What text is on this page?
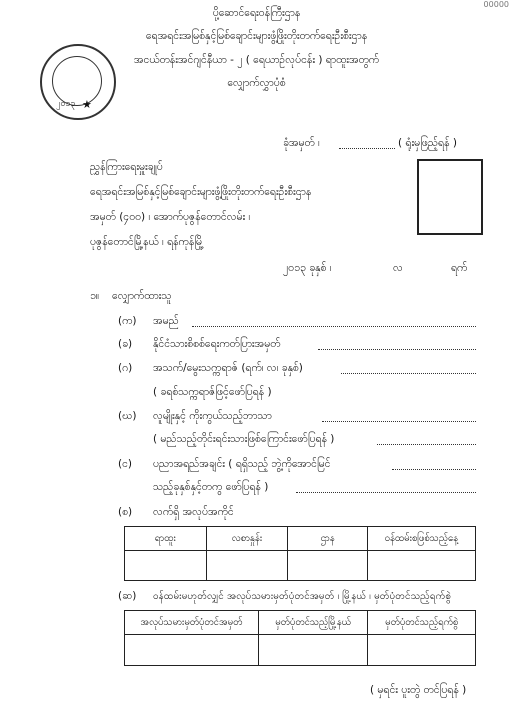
00000
၂၀၁၃ ★
ပို့ဆောင်ရေးဝန်ကြီးဌာန
ရေအရင်းအမြစ်နှင့်မြစ်ချောင်းများဖွံ့ဖြိုးတိုးတက်ရေးဦးစီးဌာန
အငယ်တန်းအင်ဂျင်နီယာ - ၂ ( ရေယာဉ်လုပ်ငန်း ) ရာထူးအတွက်
လျှောက်လွှာပုံစံ
ခုံအမှတ် ၊	( ရုံးမှဖြည့်ရန် )
ညွှန်ကြားရေးမှူးချုပ်
ရေအရင်းအမြစ်နှင့်မြစ်ချောင်းများဖွံ့ဖြိုးတိုးတက်ရေးဦးစီးဌာန
အမှတ် (၄၀၀) ၊ အောက်ပုဇွန်တောင်လမ်း ၊
ပုဇွန်တောင်မြို့နယ် ၊ ရန်ကုန်မြို့
၂၀၁၃ ခုနှစ် ၊	လ	ရက်
၁။ လျှောက်ထားသူ
(က) အမည်
(ခ) နိုင်ငံသားစိစစ်ရေးကတ်ပြားအမှတ်
(ဂ) အသက်/မွေးသက္ကရာဇ် (ရက်၊ လ၊ ခုနှစ်)
( ခရစ်သက္ကရာဇ်ဖြင့်ဖော်ပြရန် )
(ဃ) လူမျိုးနှင့် ကိုးကွယ်သည့်ဘာသာ
( မည်သည့်တိုင်းရင်းသားဖြစ်ကြောင်းဖော်ပြရန် )
(င) ပညာအရည်အချင်း ( ရရှိသည့် ဘွဲ့ကိုအောင်မြင်
သည့်ခုနှစ်နှင့်တကွ ဖော်ပြရန် )
(စ) လက်ရှိ အလုပ်အကိုင်
ရာထူး	လစာနှုန်း	ဌာန	ဝန်ထမ်းစဖြစ်သည့်နေ့

(ဆ) ဝန်ထမ်းမဟုတ်လျှင် အလုပ်သမားမှတ်ပုံတင်အမှတ် ၊ မြို့နယ် ၊ မှတ်ပုံတင်သည့်ရက်စွဲ
အလုပ်သမားမှတ်ပုံတင်အမှတ်	မှတ်ပုံတင်သည့်မြို့နယ်	မှတ်ပုံတင်သည့်ရက်စွဲ

( မှရင်း ပူးတွဲ တင်ပြရန် )
